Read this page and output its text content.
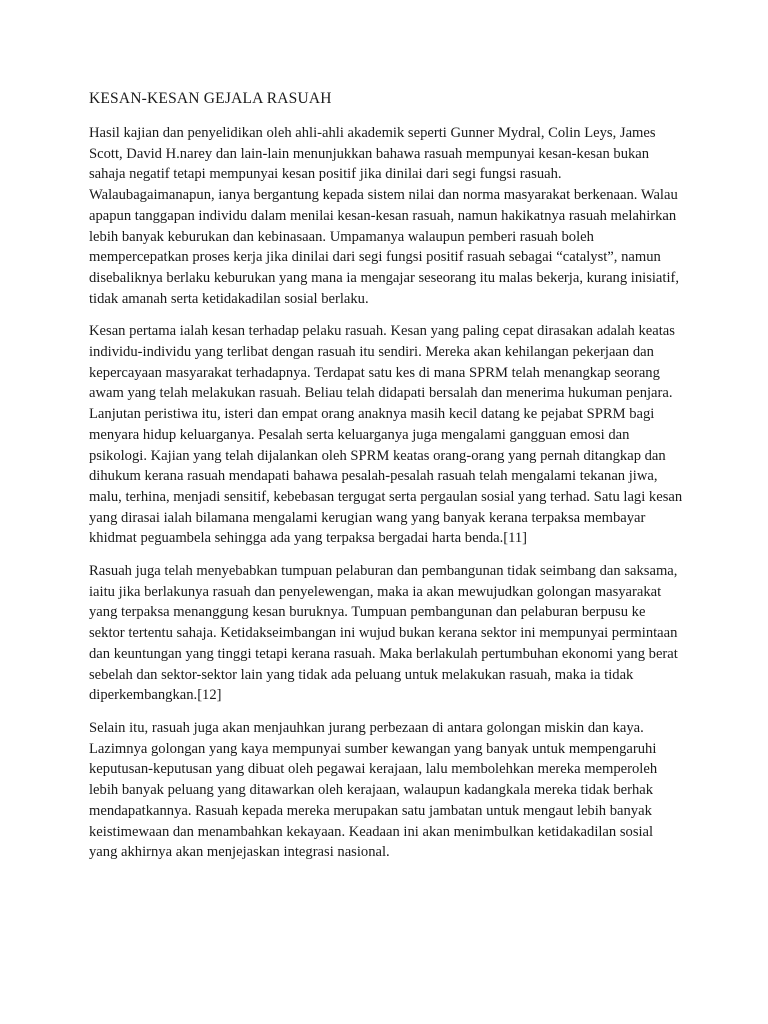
KESAN-KESAN GEJALA RASUAH

Hasil kajian dan penyelidikan oleh ahli-ahli akademik seperti Gunner Mydral, Colin Leys, James Scott, David H.narey dan lain-lain menunjukkan bahawa rasuah mempunyai kesan-kesan bukan sahaja negatif tetapi mempunyai kesan positif jika dinilai dari segi fungsi rasuah. Walaubagaimanapun, ianya bergantung kepada sistem nilai dan norma masyarakat berkenaan. Walau apapun tanggapan individu dalam menilai kesan-kesan rasuah, namun hakikatnya rasuah melahirkan lebih banyak keburukan dan kebinasaan. Umpamanya walaupun pemberi rasuah boleh mempercepatkan proses kerja jika dinilai dari segi fungsi positif rasuah sebagai “catalyst”, namun disebaliknya berlaku keburukan yang mana ia mengajar seseorang itu malas bekerja, kurang inisiatif, tidak amanah serta ketidakadilan sosial berlaku.

Kesan pertama ialah kesan terhadap pelaku rasuah. Kesan yang paling cepat dirasakan adalah keatas individu-individu yang terlibat dengan rasuah itu sendiri. Mereka akan kehilangan pekerjaan dan kepercayaan masyarakat terhadapnya. Terdapat satu kes di mana SPRM telah menangkap seorang awam yang telah melakukan rasuah. Beliau telah didapati bersalah dan menerima hukuman penjara. Lanjutan peristiwa itu, isteri dan empat orang anaknya masih kecil datang ke pejabat SPRM bagi menyara hidup keluarganya. Pesalah serta keluarganya juga mengalami gangguan emosi dan psikologi. Kajian yang telah dijalankan oleh SPRM keatas orang-orang yang pernah ditangkap dan dihukum kerana rasuah mendapati bahawa pesalah-pesalah rasuah telah mengalami tekanan jiwa, malu, terhina, menjadi sensitif, kebebasan tergugat serta pergaulan sosial yang terhad. Satu lagi kesan yang dirasai ialah bilamana mengalami kerugian wang yang banyak kerana terpaksa membayar khidmat peguambela sehingga ada yang terpaksa bergadai harta benda.[11]

Rasuah juga telah menyebabkan tumpuan pelaburan dan pembangunan tidak seimbang dan saksama, iaitu jika berlakunya rasuah dan penyelewengan, maka ia akan mewujudkan golongan masyarakat yang terpaksa menanggung kesan buruknya. Tumpuan pembangunan dan pelaburan berpusu ke sektor tertentu sahaja. Ketidakseimbangan ini wujud bukan kerana sektor ini mempunyai permintaan dan keuntungan yang tinggi tetapi kerana rasuah. Maka berlakulah pertumbuhan ekonomi yang berat sebelah dan sektor-sektor lain yang tidak ada peluang untuk melakukan rasuah, maka ia tidak diperkembangkan.[12]

Selain itu, rasuah juga akan menjauhkan jurang perbezaan di antara golongan miskin dan kaya. Lazimnya golongan yang kaya mempunyai sumber kewangan yang banyak untuk mempengaruhi keputusan-keputusan yang dibuat oleh pegawai kerajaan, lalu membolehkan mereka memperoleh lebih banyak peluang yang ditawarkan oleh kerajaan, walaupun kadangkala mereka tidak berhak mendapatkannya. Rasuah kepada mereka merupakan satu jambatan untuk mengaut lebih banyak keistimewaan dan menambahkan kekayaan. Keadaan ini akan menimbulkan ketidakadilan sosial yang akhirnya akan menjejaskan integrasi nasional.
